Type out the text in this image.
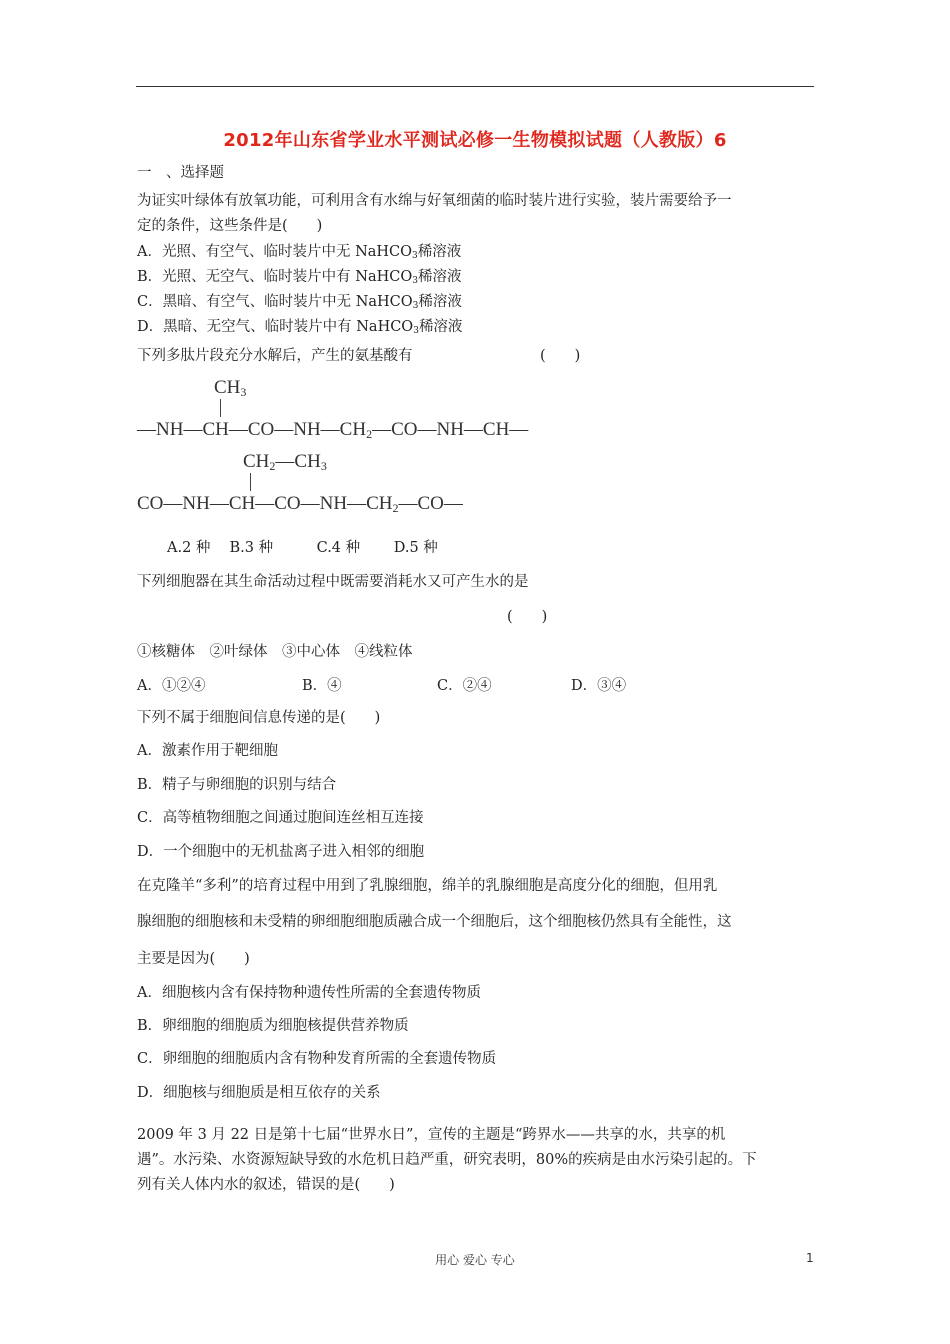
2012年山东省学业水平测试必修一生物模拟试题（人教版）6
一　、选择题
为证实叶绿体有放氧功能，可利用含有水绵与好氧细菌的临时装片进行实验，装片需要给予一
定的条件，这些条件是(　　)
A．光照、有空气、临时装片中无 NaHCO$_3$稀溶液
B．光照、无空气、临时装片中有 NaHCO$_3$稀溶液
C．黑暗、有空气、临时装片中无 NaHCO$_3$稀溶液
D．黑暗、无空气、临时装片中有 NaHCO$_3$稀溶液
下列多肽片段充分水解后，产生的氨基酸有	(　　)
CH3
—NH—CH—CO—NH—CH2—CO—NH—CH—
CH2—CH3
CO—NH—CH—CO—NH—CH2—CO—
A.2 种　 B.3 种　　　C.4 种　　 D.5 种
下列细胞器在其生命活动过程中既需要消耗水又可产生水的是
(　　)
①核糖体　②叶绿体　③中心体　④线粒体
A．①②④	B．④	C．②④	D．③④
下列不属于细胞间信息传递的是(　　)
A．激素作用于靶细胞
B．精子与卵细胞的识别与结合
C．高等植物细胞之间通过胞间连丝相互连接
D．一个细胞中的无机盐离子进入相邻的细胞
在克隆羊“多利”的培育过程中用到了乳腺细胞，绵羊的乳腺细胞是高度分化的细胞，但用乳
腺细胞的细胞核和未受精的卵细胞细胞质融合成一个细胞后，这个细胞核仍然具有全能性，这
主要是因为(　　)
A．细胞核内含有保持物种遗传性所需的全套遗传物质
B．卵细胞的细胞质为细胞核提供营养物质
C．卵细胞的细胞质内含有物种发育所需的全套遗传物质
D．细胞核与细胞质是相互依存的关系
2009 年 3 月 22 日是第十七届“世界水日”，宣传的主题是“跨界水——共享的水，共享的机
遇”。水污染、水资源短缺导致的水危机日趋严重，研究表明，80%的疾病是由水污染引起的。下
列有关人体内水的叙述，错误的是(　　)
用心 爱心 专心	1
